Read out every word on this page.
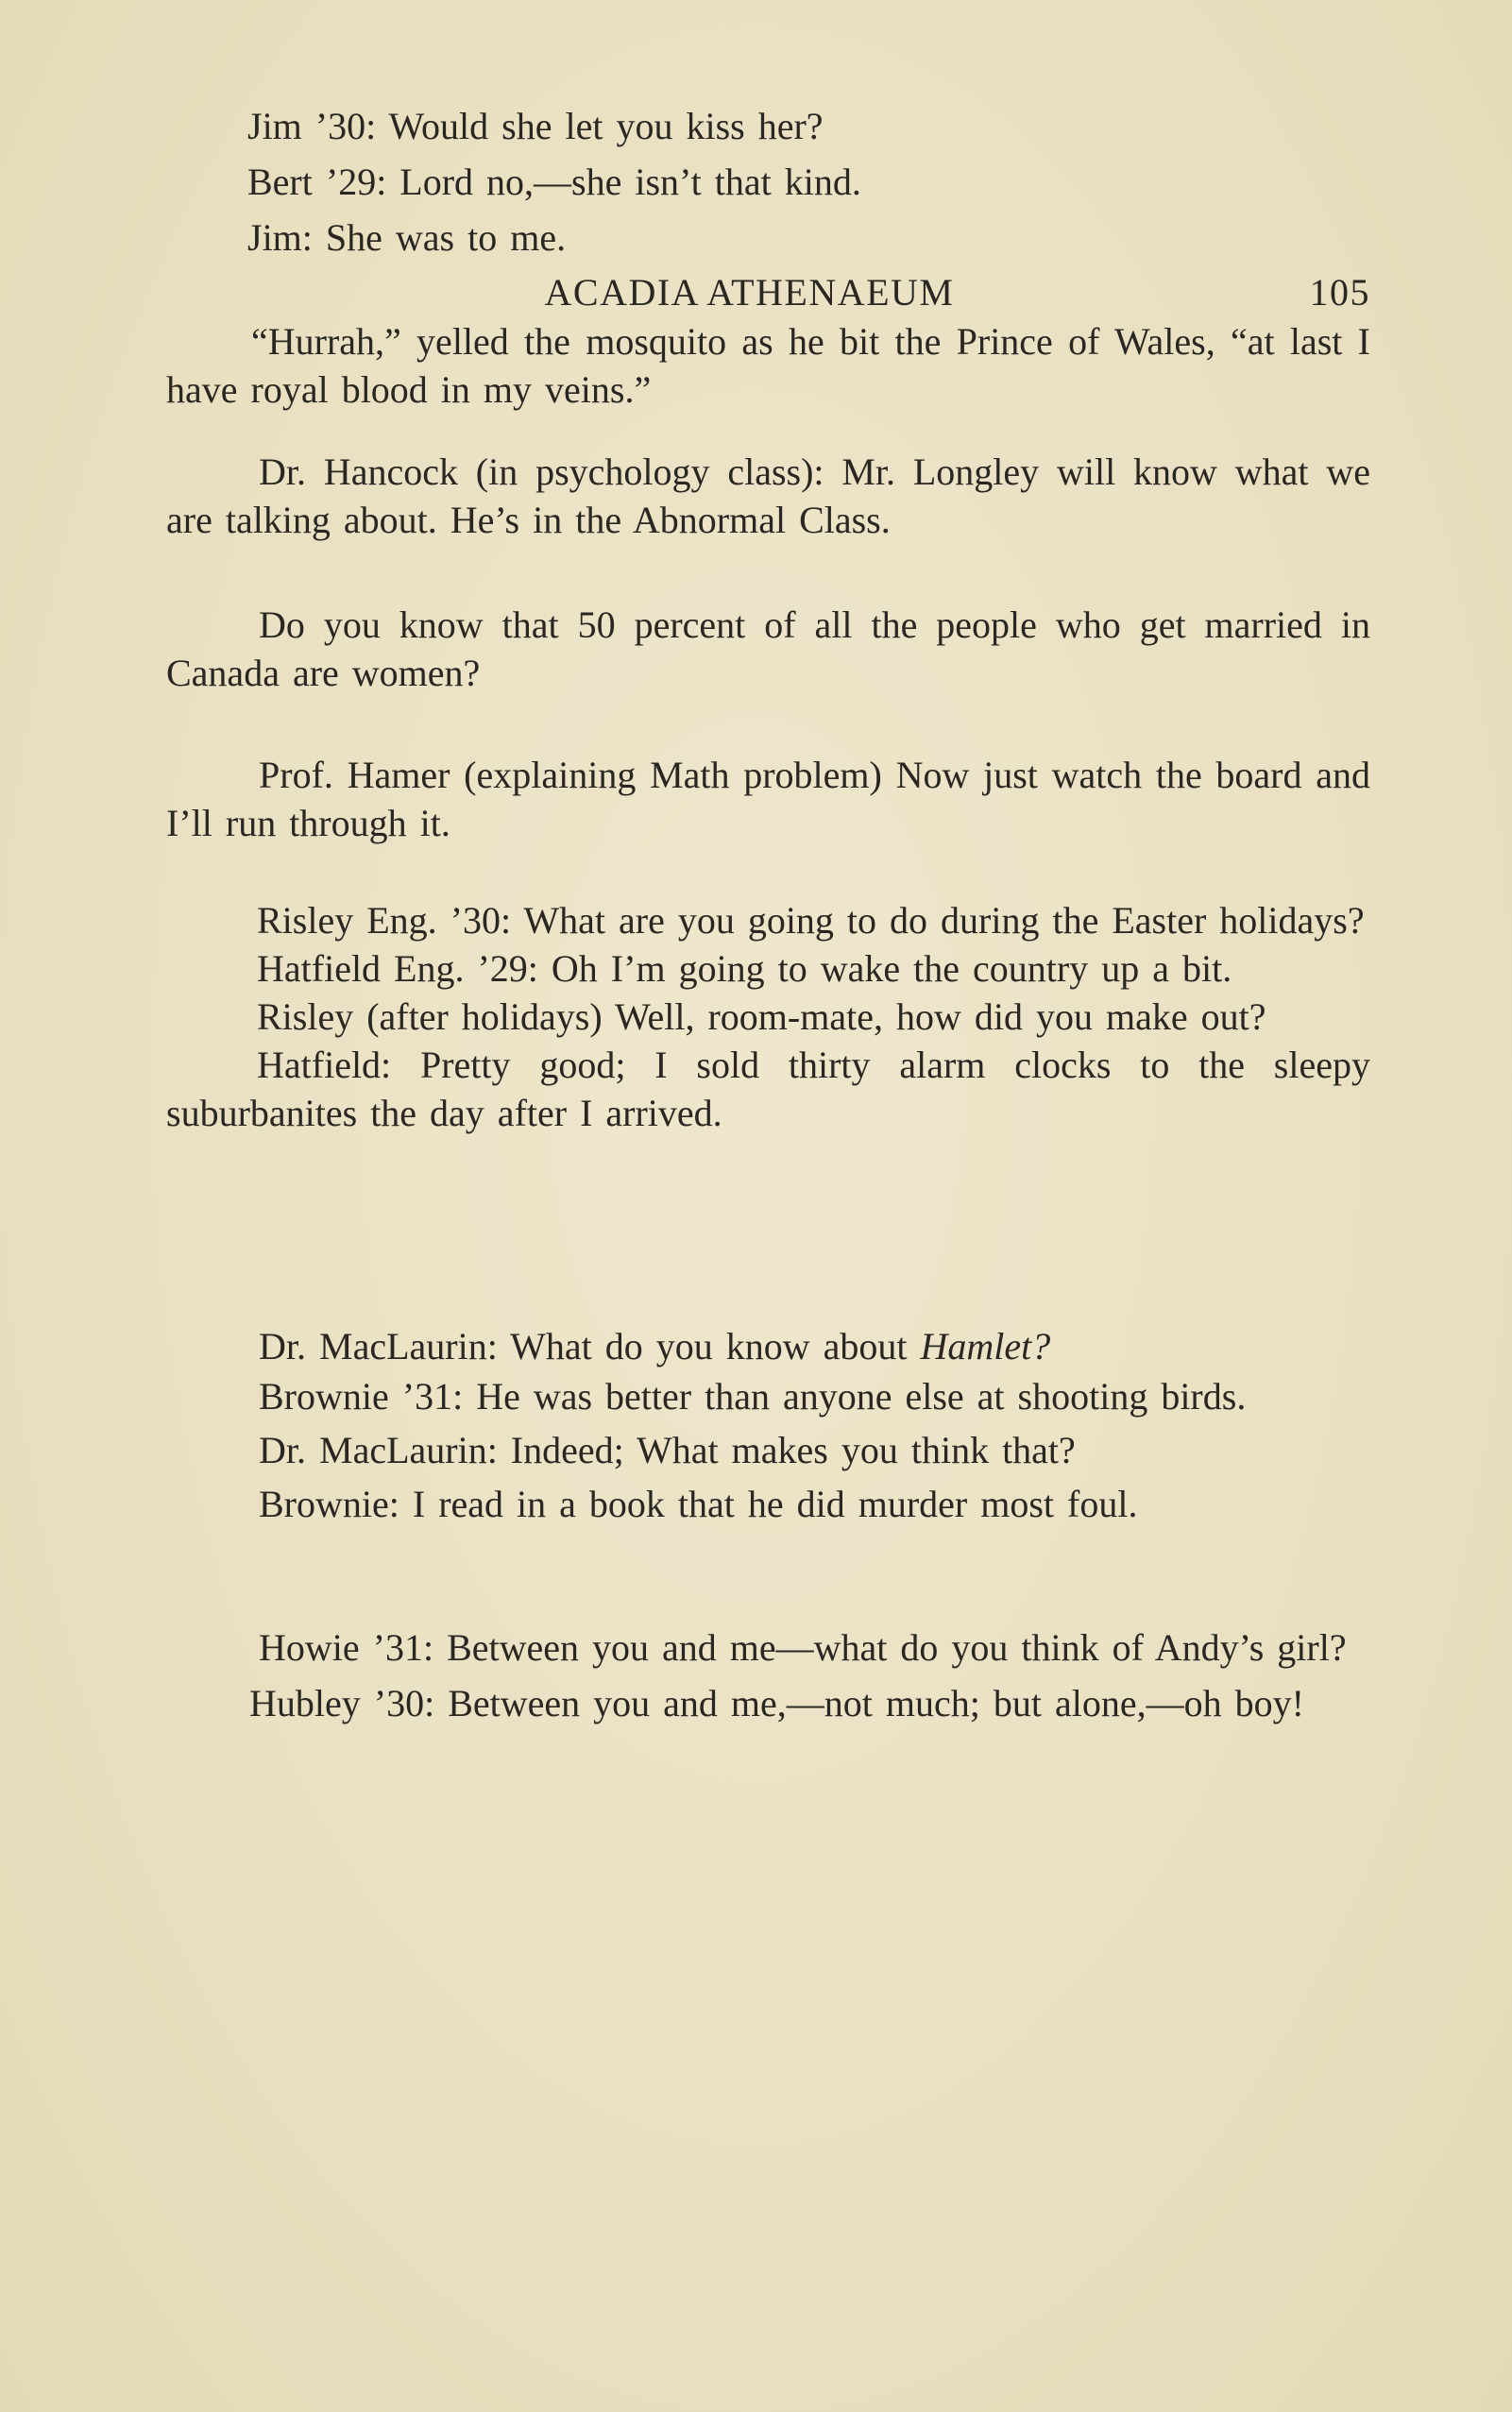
ACADIA ATHENAEUM	105

Jim ’30: Would she let you kiss her?

Bert ’29: Lord no,—she isn’t that kind.

Jim: She was to me.

“Hurrah,” yelled the mosquito as he bit the Prince of Wales, “at last I have royal blood in my veins.”

Dr. Hancock (in psychology class): Mr. Longley will know what we are talking about. He’s in the Abnormal Class.

Do you know that 50 percent of all the people who get married in Canada are women?

Prof. Hamer (explaining Math problem) Now just watch the board and I’ll run through it.

Risley Eng. ’30: What are you going to do during the Easter holidays?

Hatfield Eng. ’29: Oh I’m going to wake the country up a bit.

Risley (after holidays) Well, room-mate, how did you make out?

Hatfield: Pretty good; I sold thirty alarm clocks to the sleepy suburbanites the day after I arrived.

Dr. MacLaurin: What do you know about Hamlet?

Brownie ’31: He was better than anyone else at shooting birds.

Dr. MacLaurin: Indeed; What makes you think that?

Brownie: I read in a book that he did murder most foul.

Howie ’31: Between you and me—what do you think of Andy’s girl?

Hubley ’30: Between you and me,—not much; but alone,—oh boy!
